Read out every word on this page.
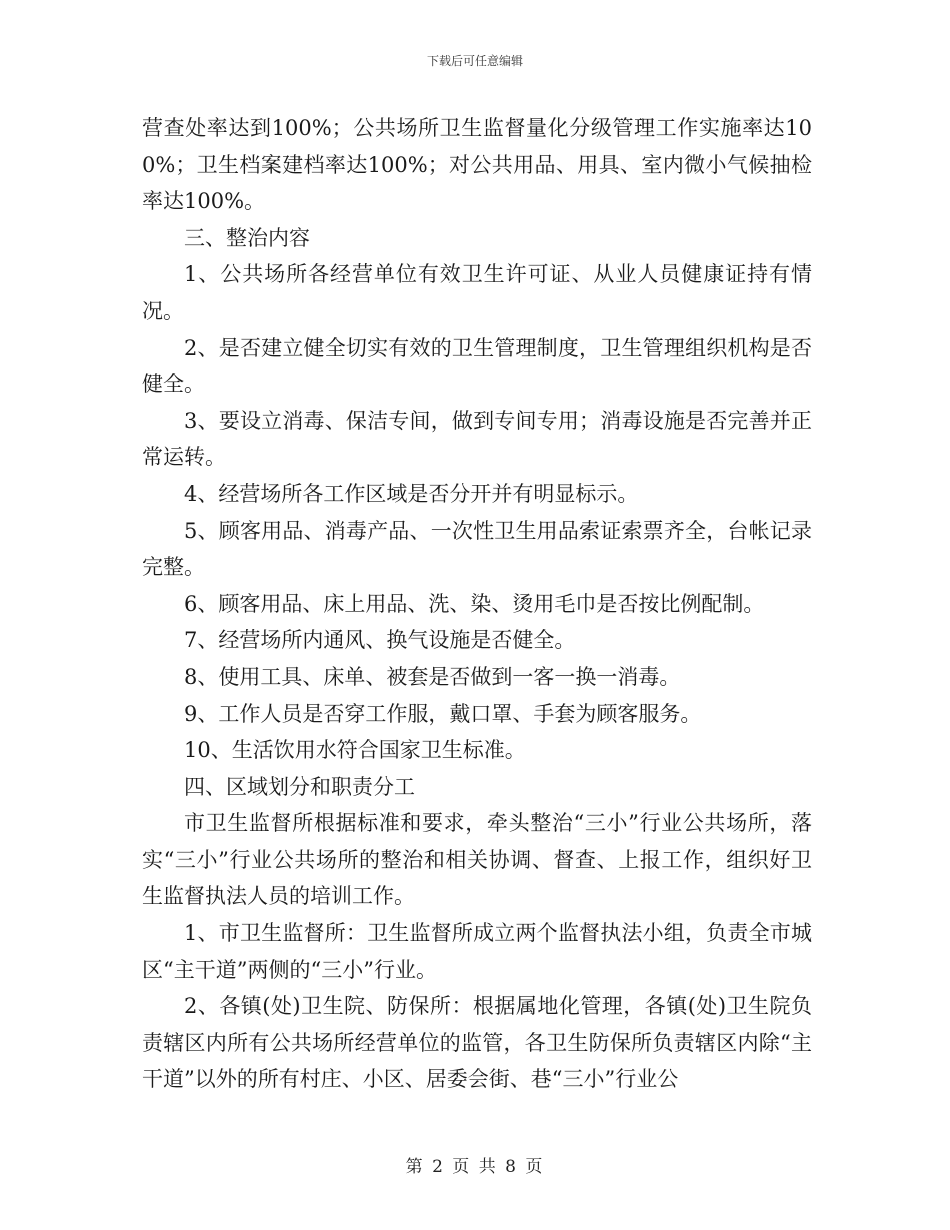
下载后可任意编辑

营查处率达到100%；公共场所卫生监督量化分级管理工作实施率达100%；卫生档案建档率达100%；对公共用品、用具、室内微小气候抽检率达100%。

三、整治内容

1、公共场所各经营单位有效卫生许可证、从业人员健康证持有情况。

2、是否建立健全切实有效的卫生管理制度，卫生管理组织机构是否健全。

3、要设立消毒、保洁专间，做到专间专用；消毒设施是否完善并正常运转。

4、经营场所各工作区域是否分开并有明显标示。

5、顾客用品、消毒产品、一次性卫生用品索证索票齐全，台帐记录完整。

6、顾客用品、床上用品、洗、染、烫用毛巾是否按比例配制。

7、经营场所内通风、换气设施是否健全。

8、使用工具、床单、被套是否做到一客一换一消毒。

9、工作人员是否穿工作服，戴口罩、手套为顾客服务。

10、生活饮用水符合国家卫生标准。

四、区域划分和职责分工

市卫生监督所根据标准和要求，牵头整治“三小”行业公共场所，落实“三小”行业公共场所的整治和相关协调、督查、上报工作，组织好卫生监督执法人员的培训工作。

1、市卫生监督所：卫生监督所成立两个监督执法小组，负责全市城区“主干道”两侧的“三小”行业。

2、各镇(处)卫生院、防保所：根据属地化管理，各镇(处)卫生院负责辖区内所有公共场所经营单位的监管，各卫生防保所负责辖区内除“主干道”以外的所有村庄、小区、居委会街、巷“三小”行业公

第 2 页 共 8 页
